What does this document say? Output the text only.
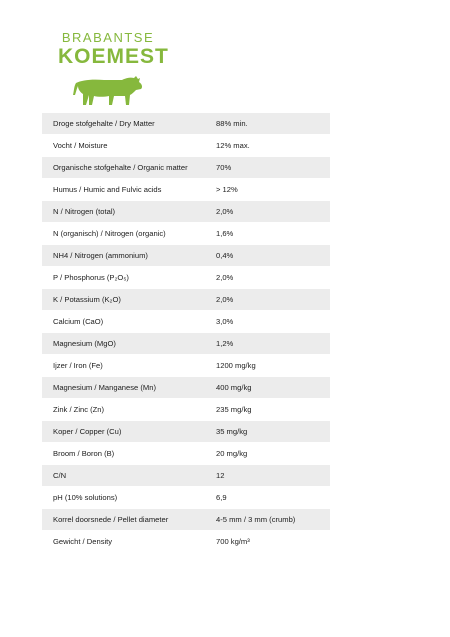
BRABANTSE
KOEMEST
Droge stofgehalte / Dry Matter	88% min.
Vocht / Moisture	12% max.
Organische stofgehalte / Organic matter	70%
Humus / Humic and Fulvic acids	> 12%
N / Nitrogen (total)	2,0%
N (organisch) / Nitrogen (organic)	1,6%
NH4 / Nitrogen (ammonium)	0,4%
P / Phosphorus (P₂O₅)	2,0%
K / Potassium (K₂O)	2,0%
Calcium (CaO)	3,0%
Magnesium (MgO)	1,2%
Ijzer / Iron (Fe)	1200 mg/kg
Magnesium / Manganese (Mn)	400 mg/kg
Zink / Zinc (Zn)	235 mg/kg
Koper / Copper (Cu)	35 mg/kg
Broom / Boron (B)	20 mg/kg
C/N	12
pH (10% solutions)	6,9
Korrel doorsnede / Pellet diameter	4-5 mm / 3 mm (crumb)
Gewicht / Density	700 kg/m³
